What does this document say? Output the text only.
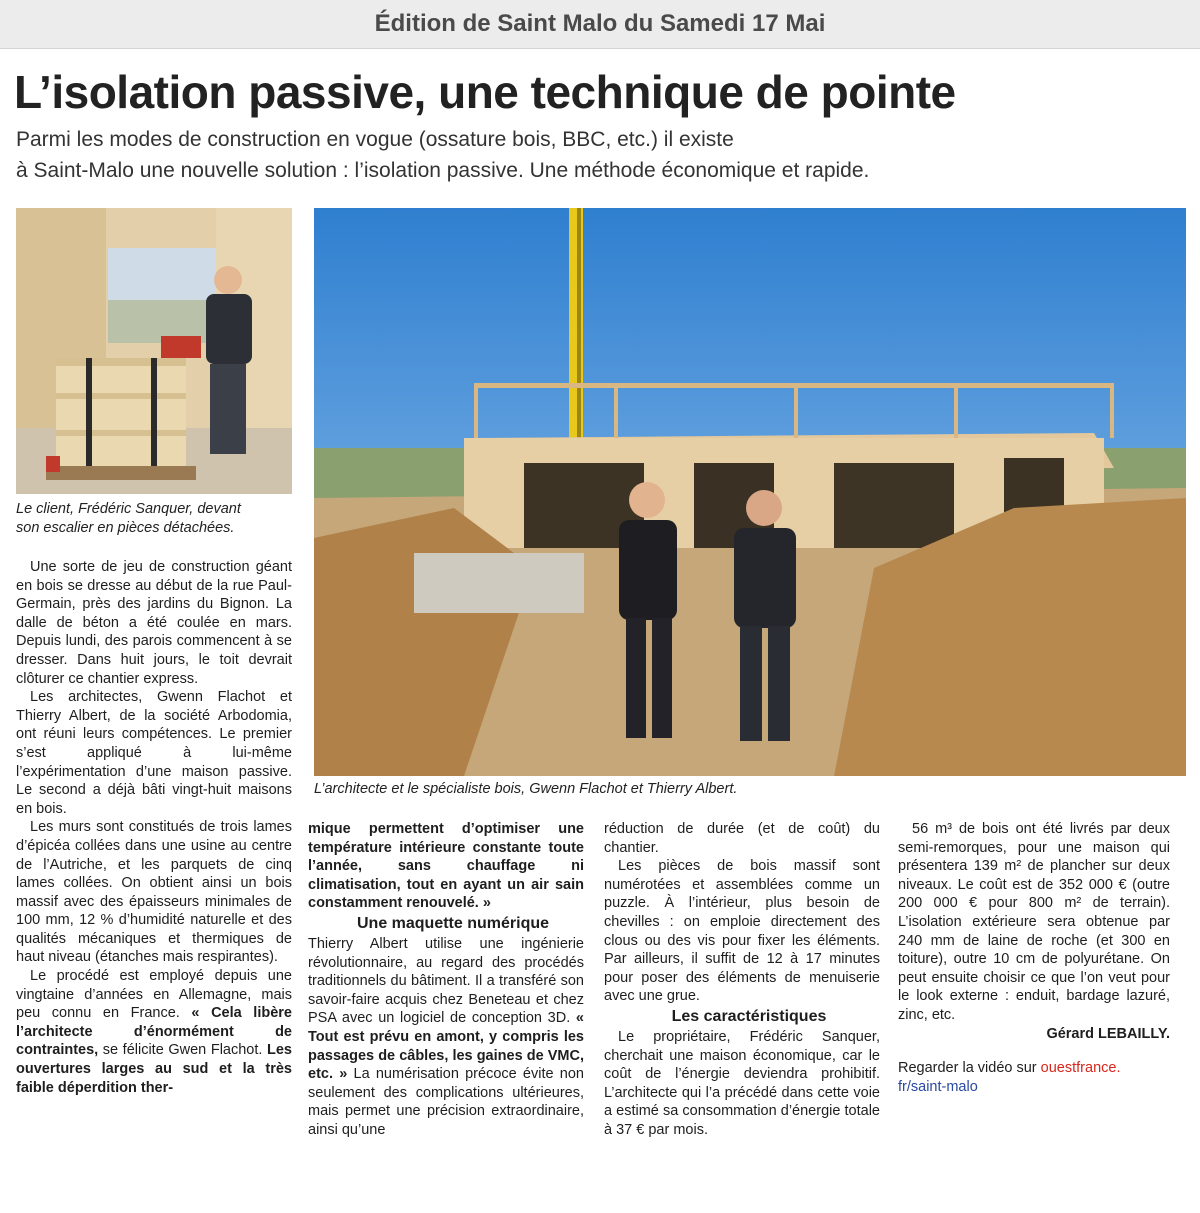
Édition de Saint Malo du Samedi 17 Mai
L’isolation passive, une technique de pointe

Parmi les modes de construction en vogue (ossature bois, BBC, etc.) il existe
à Saint-Malo une nouvelle solution : l’isolation passive. Une méthode économique et rapide.

Le client, Frédéric Sanquer, devant
son escalier en pièces détachées.

L’architecte et le spécialiste bois, Gwenn Flachot et Thierry Albert.

Une sorte de jeu de construction géant en bois se dresse au début de la rue Paul-Germain, près des jardins du Bignon. La dalle de béton a été coulée en mars. Depuis lundi, des parois commencent à se dresser. Dans huit jours, le toit devrait clôturer ce chantier express.

Les architectes, Gwenn Flachot et Thierry Albert, de la société Arbodomia, ont réuni leurs compétences. Le premier s’est appliqué à lui-même l’expérimentation d’une maison passive. Le second a déjà bâti vingt-huit maisons en bois.

Les murs sont constitués de trois lames d’épicéa collées dans une usine au centre de l’Autriche, et les parquets de cinq lames collées. On obtient ainsi un bois massif avec des épaisseurs minimales de 100 mm, 12 % d’humidité naturelle et des qualités mécaniques et thermiques de haut niveau (étanches mais respirantes).

Le procédé est employé depuis une vingtaine d’années en Allemagne, mais peu connu en France. « Cela libère l’architecte d’énormément de contraintes, se félicite Gwen Flachot. Les ouvertures larges au sud et la très faible déperdition ther-

mique permettent d’optimiser une température intérieure constante toute l’année, sans chauffage ni climatisation, tout en ayant un air sain constamment renouvelé. »

Une maquette numérique

Thierry Albert utilise une ingénierie révolutionnaire, au regard des procédés traditionnels du bâtiment. Il a transféré son savoir-faire acquis chez Beneteau et chez PSA avec un logiciel de conception 3D. « Tout est prévu en amont, y compris les passages de câbles, les gaines de VMC, etc. » La numérisation précoce évite non seulement des complications ultérieures, mais permet une précision extraordinaire, ainsi qu’une

réduction de durée (et de coût) du chantier.

Les pièces de bois massif sont numérotées et assemblées comme un puzzle. À l’intérieur, plus besoin de chevilles : on emploie directement des clous ou des vis pour fixer les éléments. Par ailleurs, il suffit de 12 à 17 minutes pour poser des éléments de menuiserie avec une grue.

Les caractéristiques

Le propriétaire, Frédéric Sanquer, cherchait une maison économique, car le coût de l’énergie deviendra prohibitif. L’architecte qui l’a précédé dans cette voie a estimé sa consommation d’énergie totale à 37 € par mois.

56 m³ de bois ont été livrés par deux semi-remorques, pour une maison qui présentera 139 m² de plancher sur deux niveaux. Le coût est de 352 000 € (outre 200 000 € pour 800 m² de terrain). L’isolation extérieure sera obtenue par 240 mm de laine de roche (et 300 en toiture), outre 10 cm de polyurétane. On peut ensuite choisir ce que l’on veut pour le look externe : enduit, bardage lazuré, zinc, etc.

Gérard LEBAILLY.

Regarder la vidéo sur ouestfrance.
fr/saint-malo
